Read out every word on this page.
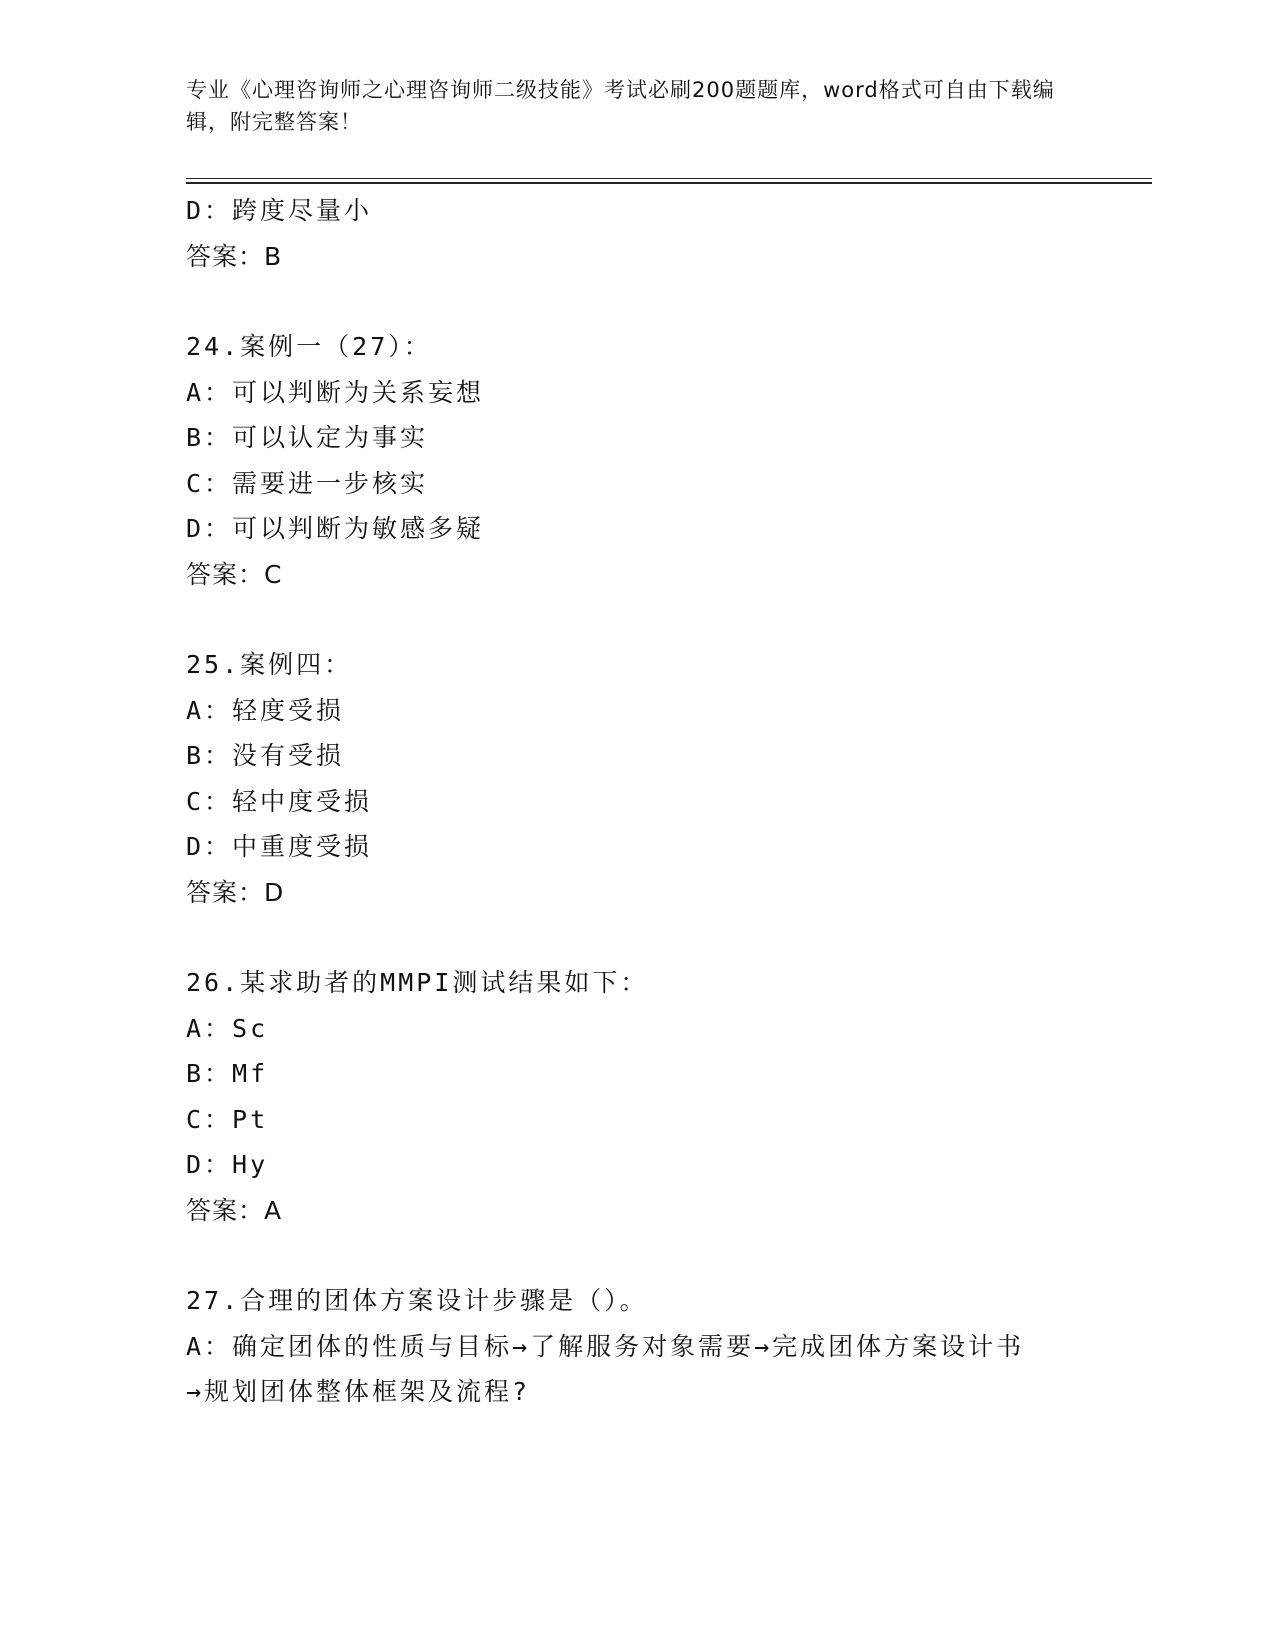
专业《心理咨询师之心理咨询师二级技能》考试必刷200题题库，word格式可自由下载编辑，附完整答案！
D：跨度尽量小
答案：B
24.案例一（27）：
A：可以判断为关系妄想
B：可以认定为事实
C：需要进一步核实
D：可以判断为敏感多疑
答案：C
25.案例四：
A：轻度受损
B：没有受损
C：轻中度受损
D：中重度受损
答案：D
26.某求助者的MMPI测试结果如下：
A：Sc
B：Mf
C：Pt
D：Hy
答案：A
27.合理的团体方案设计步骤是（）。
A：确定团体的性质与目标→了解服务对象需要→完成团体方案设计书
→规划团体整体框架及流程?
